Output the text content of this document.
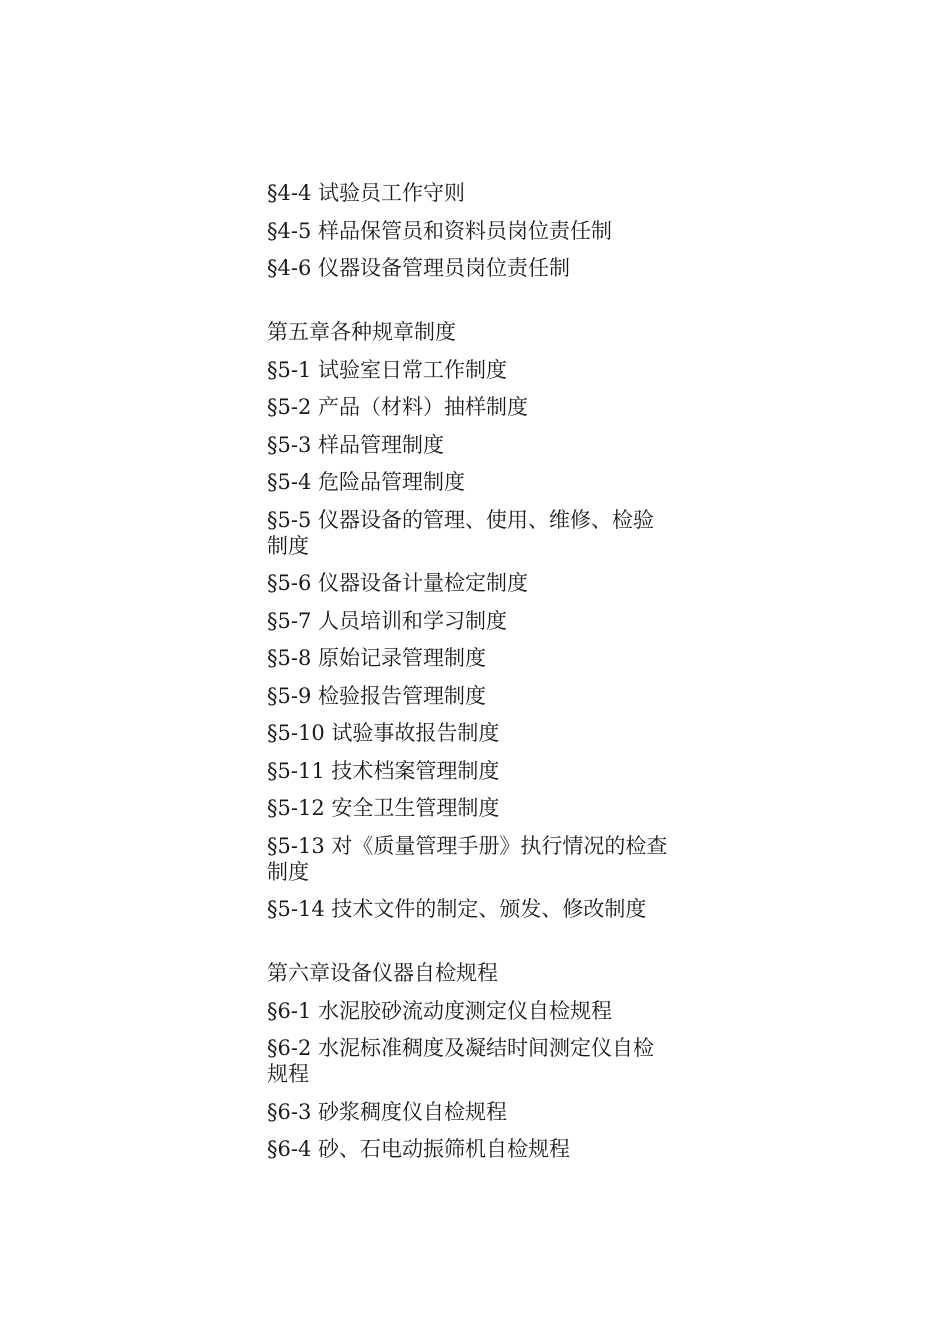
§4-4 试验员工作守则
§4-5 样品保管员和资料员岗位责任制
§4-6 仪器设备管理员岗位责任制
第五章各种规章制度
§5-1 试验室日常工作制度
§5-2 产品（材料）抽样制度
§5-3 样品管理制度
§5-4 危险品管理制度
§5-5 仪器设备的管理、使用、维修、检验
制度
§5-6 仪器设备计量检定制度
§5-7 人员培训和学习制度
§5-8 原始记录管理制度
§5-9 检验报告管理制度
§5-10 试验事故报告制度
§5-11 技术档案管理制度
§5-12 安全卫生管理制度
§5-13 对《质量管理手册》执行情况的检查
制度
§5-14 技术文件的制定、颁发、修改制度
第六章设备仪器自检规程
§6-1 水泥胶砂流动度测定仪自检规程
§6-2 水泥标准稠度及凝结时间测定仪自检
规程
§6-3 砂浆稠度仪自检规程
§6-4 砂、石电动振筛机自检规程
